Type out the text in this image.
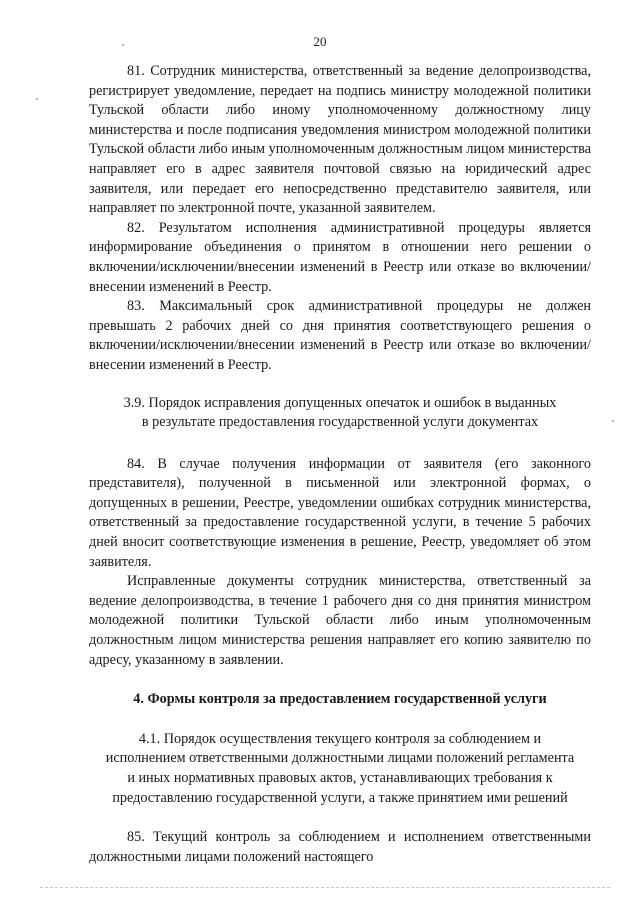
20

81. Сотрудник министерства, ответственный за ведение делопроизводства, регистрирует уведомление, передает на подпись министру молодежной политики Тульской области либо иному уполномоченному должностному лицу министерства и после подписания уведомления министром молодежной политики Тульской области либо иным уполномоченным должностным лицом министерства направляет его в адрес заявителя почтовой связью на юридический адрес заявителя, или передает его непосредственно представителю заявителя, или направляет по электронной почте, указанной заявителем.

82. Результатом исполнения административной процедуры является информирование объединения о принятом в отношении него решении о включении/исключении/внесении изменений в Реестр или отказе во включении/внесении изменений в Реестр.

83. Максимальный срок административной процедуры не должен превышать 2 рабочих дней со дня принятия соответствующего решения о включении/исключении/внесении изменений в Реестр или отказе во включении/внесении изменений в Реестр.

3.9. Порядок исправления допущенных опечаток и ошибок в выданных

в результате предоставления государственной услуги документах

84. В случае получения информации от заявителя (его законного представителя), полученной в письменной или электронной формах, о допущенных в решении, Реестре, уведомлении ошибках сотрудник министерства, ответственный за предоставление государственной услуги, в течение 5 рабочих дней вносит соответствующие изменения в решение, Реестр, уведомляет об этом заявителя.

Исправленные документы сотрудник министерства, ответственный за ведение делопроизводства, в течение 1 рабочего дня со дня принятия министром молодежной политики Тульской области либо иным уполномоченным должностным лицом министерства решения направляет его копию заявителю по адресу, указанному в заявлении.

4. Формы контроля за предоставлением государственной услуги

4.1. Порядок осуществления текущего контроля за соблюдением и

исполнением ответственными должностными лицами положений регламента

и иных нормативных правовых актов, устанавливающих требования к

предоставлению государственной услуги, а также принятием ими решений

85. Текущий контроль за соблюдением и исполнением ответственными должностными лицами положений настоящего
